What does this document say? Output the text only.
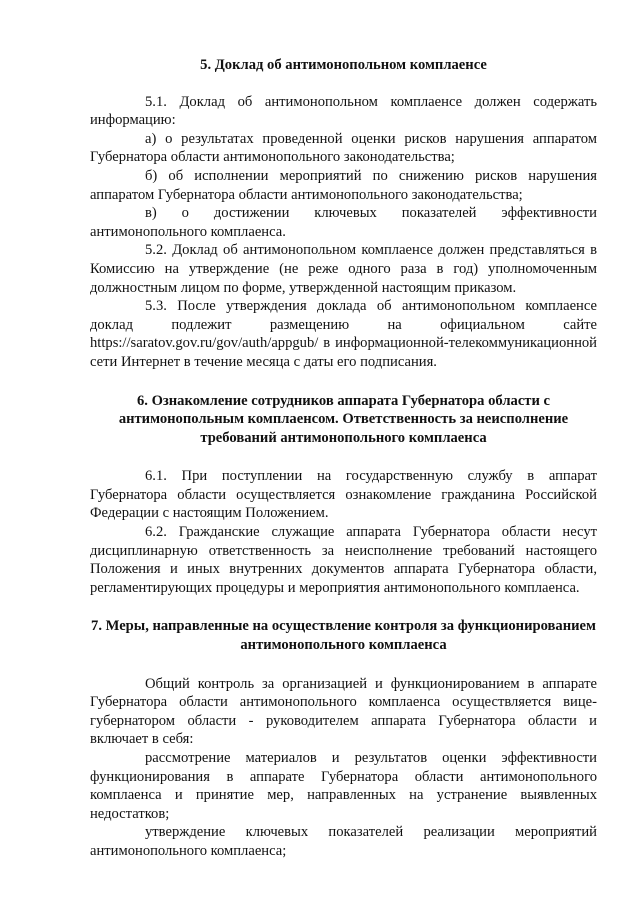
5. Доклад об антимонопольном комплаенсе

5.1. Доклад об антимонопольном комплаенсе должен содержать информацию:

а) о результатах проведенной оценки рисков нарушения аппаратом Губернатора области антимонопольного законодательства;

б) об исполнении мероприятий по снижению рисков нарушения аппаратом Губернатора области антимонопольного законодательства;

в) о достижении ключевых показателей эффективности антимонопольного комплаенса.

5.2. Доклад об антимонопольном комплаенсе должен представляться в Комиссию на утверждение (не реже одного раза в год) уполномоченным должностным лицом по форме, утвержденной настоящим приказом.

5.3. После утверждения доклада об антимонопольном комплаенсе доклад подлежит размещению на официальном сайте https://saratov.gov.ru/gov/auth/appgub/ в информационной-телекоммуникационной сети Интернет в течение месяца с даты его подписания.

6. Ознакомление сотрудников аппарата Губернатора области с антимонопольным комплаенсом. Ответственность за неисполнение требований антимонопольного комплаенса

6.1. При поступлении на государственную службу в аппарат Губернатора области осуществляется ознакомление гражданина Российской Федерации с настоящим Положением.

6.2. Гражданские служащие аппарата Губернатора области несут дисциплинарную ответственность за неисполнение требований настоящего Положения и иных внутренних документов аппарата Губернатора области, регламентирующих процедуры и мероприятия антимонопольного комплаенса.

7. Меры, направленные на осуществление контроля за функционированием антимонопольного комплаенса

Общий контроль за организацией и функционированием в аппарате Губернатора области антимонопольного комплаенса осуществляется вице-губернатором области - руководителем аппарата Губернатора области и включает в себя:

рассмотрение материалов и результатов оценки эффективности функционирования в аппарате Губернатора области антимонопольного комплаенса и принятие мер, направленных на устранение выявленных недостатков;

утверждение ключевых показателей реализации мероприятий антимонопольного комплаенса;
